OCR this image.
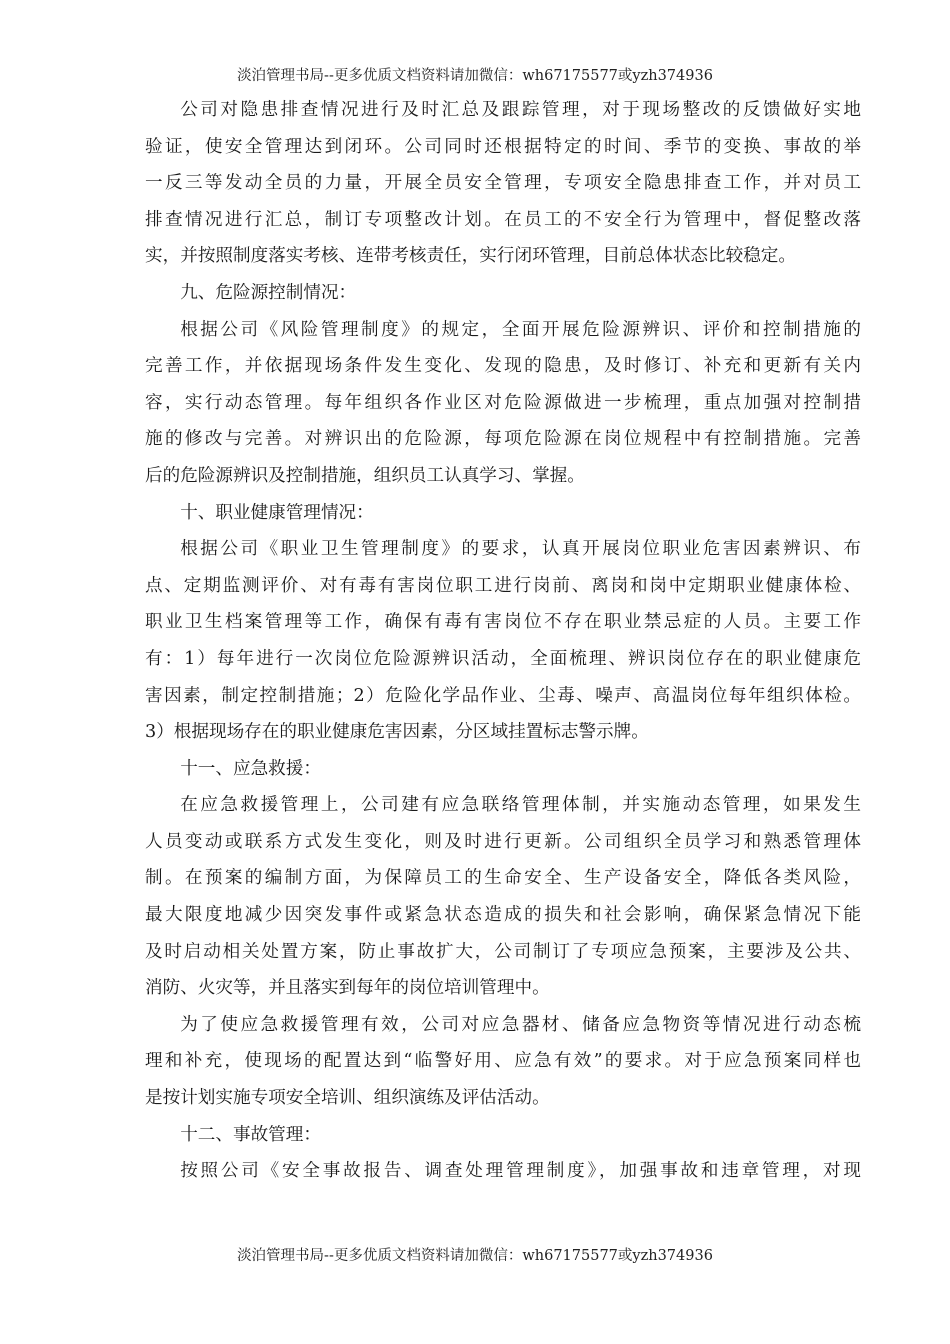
淡泊管理书局--更多优质文档资料请加微信：wh67175577或yzh374936
公司对隐患排查情况进行及时汇总及跟踪管理，对于现场整改的反馈做好实地
验证，使安全管理达到闭环。公司同时还根据特定的时间、季节的变换、事故的举
一反三等发动全员的力量，开展全员安全管理，专项安全隐患排查工作，并对员工
排查情况进行汇总，制订专项整改计划。在员工的不安全行为管理中，督促整改落
实，并按照制度落实考核、连带考核责任，实行闭环管理，目前总体状态比较稳定。
九、危险源控制情况：
根据公司《风险管理制度》的规定，全面开展危险源辨识、评价和控制措施的
完善工作，并依据现场条件发生变化、发现的隐患，及时修订、补充和更新有关内
容，实行动态管理。每年组织各作业区对危险源做进一步梳理，重点加强对控制措
施的修改与完善。对辨识出的危险源，每项危险源在岗位规程中有控制措施。完善
后的危险源辨识及控制措施，组织员工认真学习、掌握。
十、职业健康管理情况：
根据公司《职业卫生管理制度》的要求，认真开展岗位职业危害因素辨识、布
点、定期监测评价、对有毒有害岗位职工进行岗前、离岗和岗中定期职业健康体检、
职业卫生档案管理等工作，确保有毒有害岗位不存在职业禁忌症的人员。主要工作
有：1）每年进行一次岗位危险源辨识活动，全面梳理、辨识岗位存在的职业健康危
害因素，制定控制措施；2）危险化学品作业、尘毒、噪声、高温岗位每年组织体检。
3）根据现场存在的职业健康危害因素，分区域挂置标志警示牌。
十一、应急救援：
在应急救援管理上，公司建有应急联络管理体制，并实施动态管理，如果发生
人员变动或联系方式发生变化，则及时进行更新。公司组织全员学习和熟悉管理体
制。在预案的编制方面，为保障员工的生命安全、生产设备安全，降低各类风险，
最大限度地减少因突发事件或紧急状态造成的损失和社会影响，确保紧急情况下能
及时启动相关处置方案，防止事故扩大，公司制订了专项应急预案，主要涉及公共、
消防、火灾等，并且落实到每年的岗位培训管理中。
为了使应急救援管理有效，公司对应急器材、储备应急物资等情况进行动态梳
理和补充，使现场的配置达到“临警好用、应急有效”的要求。对于应急预案同样也
是按计划实施专项安全培训、组织演练及评估活动。
十二、事故管理：
按照公司《安全事故报告、调查处理管理制度》，加强事故和违章管理，对现
淡泊管理书局--更多优质文档资料请加微信：wh67175577或yzh374936
